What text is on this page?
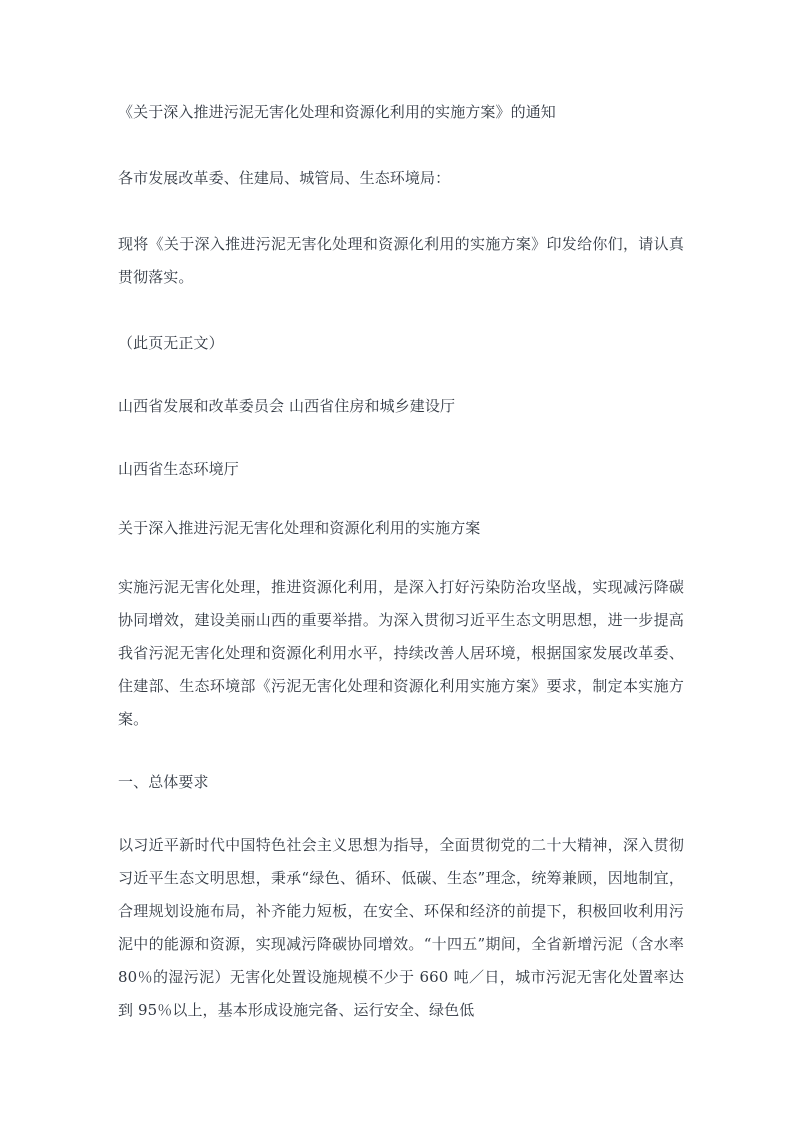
《关于深入推进污泥无害化处理和资源化利用的实施方案》的通知

各市发展改革委、住建局、城管局、生态环境局：

现将《关于深入推进污泥无害化处理和资源化利用的实施方案》印发给你们，请认真贯彻落实。

（此页无正文）

山西省发展和改革委员会 山西省住房和城乡建设厅

山西省生态环境厅

关于深入推进污泥无害化处理和资源化利用的实施方案

实施污泥无害化处理，推进资源化利用，是深入打好污染防治攻坚战，实现减污降碳协同增效，建设美丽山西的重要举措。为深入贯彻习近平生态文明思想，进一步提高我省污泥无害化处理和资源化利用水平，持续改善人居环境，根据国家发展改革委、住建部、生态环境部《污泥无害化处理和资源化利用实施方案》要求，制定本实施方案。

一、总体要求

以习近平新时代中国特色社会主义思想为指导，全面贯彻党的二十大精神，深入贯彻习近平生态文明思想，秉承“绿色、循环、低碳、生态”理念，统筹兼顾，因地制宜，合理规划设施布局，补齐能力短板，在安全、环保和经济的前提下，积极回收利用污泥中的能源和资源，实现减污降碳协同增效。“十四五”期间，全省新增污泥（含水率 80％的湿污泥）无害化处置设施规模不少于 660 吨／日，城市污泥无害化处置率达到 95％以上，基本形成设施完备、运行安全、绿色低
